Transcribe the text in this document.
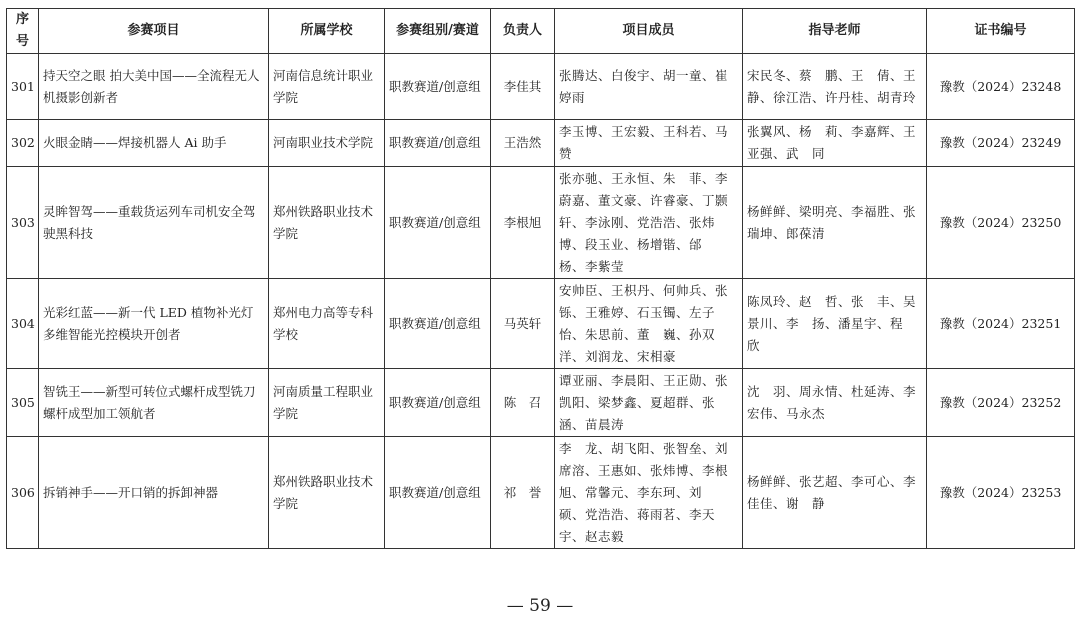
序号	参赛项目	所属学校	参赛组别/赛道	负责人	项目成员	指导老师	证书编号
301	持天空之眼 拍大美中国——全流程无人机摄影创新者	河南信息统计职业学院	职教赛道/创意组	李佳其	张腾达、白俊宇、胡一童、崔婷雨	宋民冬、蔡　鹏、王　倩、王　静、徐江浩、许丹桂、胡青玲	豫教（2024）23248
302	火眼金睛——焊接机器人 Ai 助手	河南职业技术学院	职教赛道/创意组	王浩然	李玉博、王宏毅、王科若、马　赞	张翼风、杨　莉、李嘉辉、王亚强、武　同	豫教（2024）23249
303	灵眸智驾——重载货运列车司机安全驾驶黑科技	郑州铁路职业技术学院	职教赛道/创意组	李根旭	张亦驰、王永恒、朱　菲、李蔚嘉、董文豪、许睿豪、丁颢轩、李泳刚、党浩浩、张炜博、段玉业、杨增锴、邰　杨、李紫莹	杨鲜鲜、梁明亮、李福胜、张瑞坤、郎葆清	豫教（2024）23250
304	光彩红蓝——新一代 LED 植物补光灯多维智能光控模块开创者	郑州电力高等专科学校	职教赛道/创意组	马英轩	安帅臣、王枳丹、何帅兵、张　铄、王雅婷、石玉镯、左子怡、朱思前、董　巍、孙双洋、刘润龙、宋相豪	陈凤玲、赵　哲、张　丰、吴景川、李　扬、潘星宇、程　欣	豫教（2024）23251
305	智铣王——新型可转位式螺杆成型铣刀　螺杆成型加工领航者	河南质量工程职业学院	职教赛道/创意组	陈　召	谭亚丽、李晨阳、王正勋、张凯阳、梁梦鑫、夏超群、张　涵、苗晨涛	沈　羽、周永情、杜延涛、李宏伟、马永杰	豫教（2024）23252
306	拆销神手——开口销的拆卸神器	郑州铁路职业技术学院	职教赛道/创意组	祁　誉	李　龙、胡飞阳、张智垒、刘席溶、王惠如、张炜博、李根旭、常馨元、李东珂、刘　硕、党浩浩、蒋雨茗、李天宇、赵志毅	杨鲜鲜、张艺超、李可心、李佳佳、谢　静	豫教（2024）23253
— 59 —
